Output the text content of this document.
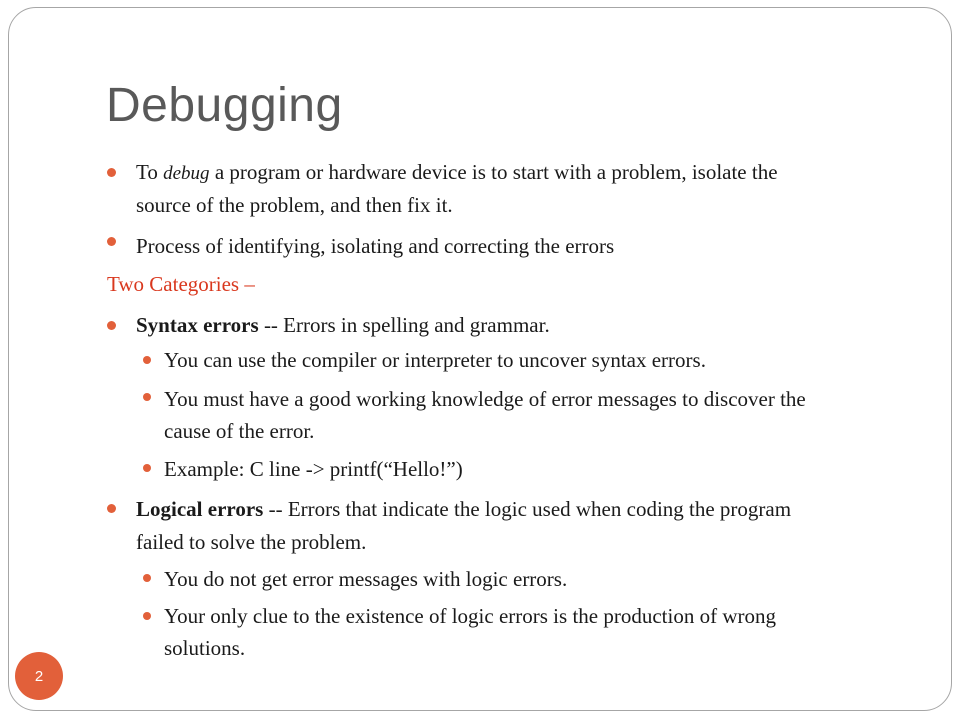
Debugging
To debug a program or hardware device is to start with a problem, isolate the
source of the problem, and then fix it.
Process of identifying, isolating and correcting the errors
Two Categories –
Syntax errors -- Errors in spelling and grammar.
You can use the compiler or interpreter to uncover syntax errors.
You must have a good working knowledge of error messages to discover the
cause of the error.
Example: C line -> printf(“Hello!”)
Logical errors -- Errors that indicate the logic used when coding the program
failed to solve the problem.
You do not get error messages with logic errors.
Your only clue to the existence of logic errors is the production of wrong
solutions.
2
